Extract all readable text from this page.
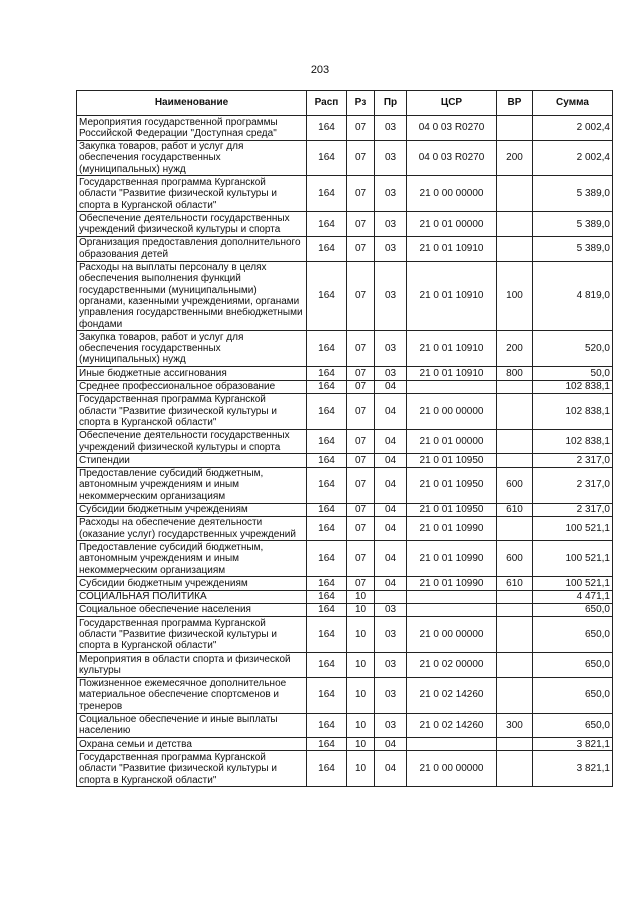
203
Наименование	Расп	Рз	Пр	ЦСР	ВР	Сумма
Мероприятия государственной программы Российской Федерации "Доступная среда"	164	07	03	04 0 03 R0270		2 002,4
Закупка товаров, работ и услуг для обеспечения государственных (муниципальных) нужд	164	07	03	04 0 03 R0270	200	2 002,4
Государственная программа Курганской области "Развитие физической культуры и спорта в Курганской области"	164	07	03	21 0 00 00000		5 389,0
Обеспечение деятельности государственных учреждений физической культуры и спорта	164	07	03	21 0 01 00000		5 389,0
Организация предоставления дополнительного образования детей	164	07	03	21 0 01 10910		5 389,0
Расходы на выплаты персоналу в целях обеспечения выполнения функций государственными (муниципальными) органами, казенными учреждениями, органами управления государственными внебюджетными фондами	164	07	03	21 0 01 10910	100	4 819,0
Закупка товаров, работ и услуг для обеспечения государственных (муниципальных) нужд	164	07	03	21 0 01 10910	200	520,0
Иные бюджетные ассигнования	164	07	03	21 0 01 10910	800	50,0
Среднее профессиональное образование	164	07	04			102 838,1
Государственная программа Курганской области "Развитие физической культуры и спорта в Курганской области"	164	07	04	21 0 00 00000		102 838,1
Обеспечение деятельности государственных учреждений физической культуры и спорта	164	07	04	21 0 01 00000		102 838,1
Стипендии	164	07	04	21 0 01 10950		2 317,0
Предоставление субсидий бюджетным, автономным учреждениям и иным некоммерческим организациям	164	07	04	21 0 01 10950	600	2 317,0
Субсидии бюджетным учреждениям	164	07	04	21 0 01 10950	610	2 317,0
Расходы на обеспечение деятельности (оказание услуг) государственных учреждений	164	07	04	21 0 01 10990		100 521,1
Предоставление субсидий бюджетным, автономным учреждениям и иным некоммерческим организациям	164	07	04	21 0 01 10990	600	100 521,1
Субсидии бюджетным учреждениям	164	07	04	21 0 01 10990	610	100 521,1
СОЦИАЛЬНАЯ ПОЛИТИКА	164	10				4 471,1
Социальное обеспечение населения	164	10	03			650,0
Государственная программа Курганской области "Развитие физической культуры и спорта в Курганской области"	164	10	03	21 0 00 00000		650,0
Мероприятия в области спорта и физической культуры	164	10	03	21 0 02 00000		650,0
Пожизненное ежемесячное дополнительное материальное обеспечение спортсменов и тренеров	164	10	03	21 0 02 14260		650,0
Социальное обеспечение и иные выплаты населению	164	10	03	21 0 02 14260	300	650,0
Охрана семьи и детства	164	10	04			3 821,1
Государственная программа Курганской области "Развитие физической культуры и спорта в Курганской области"	164	10	04	21 0 00 00000		3 821,1
